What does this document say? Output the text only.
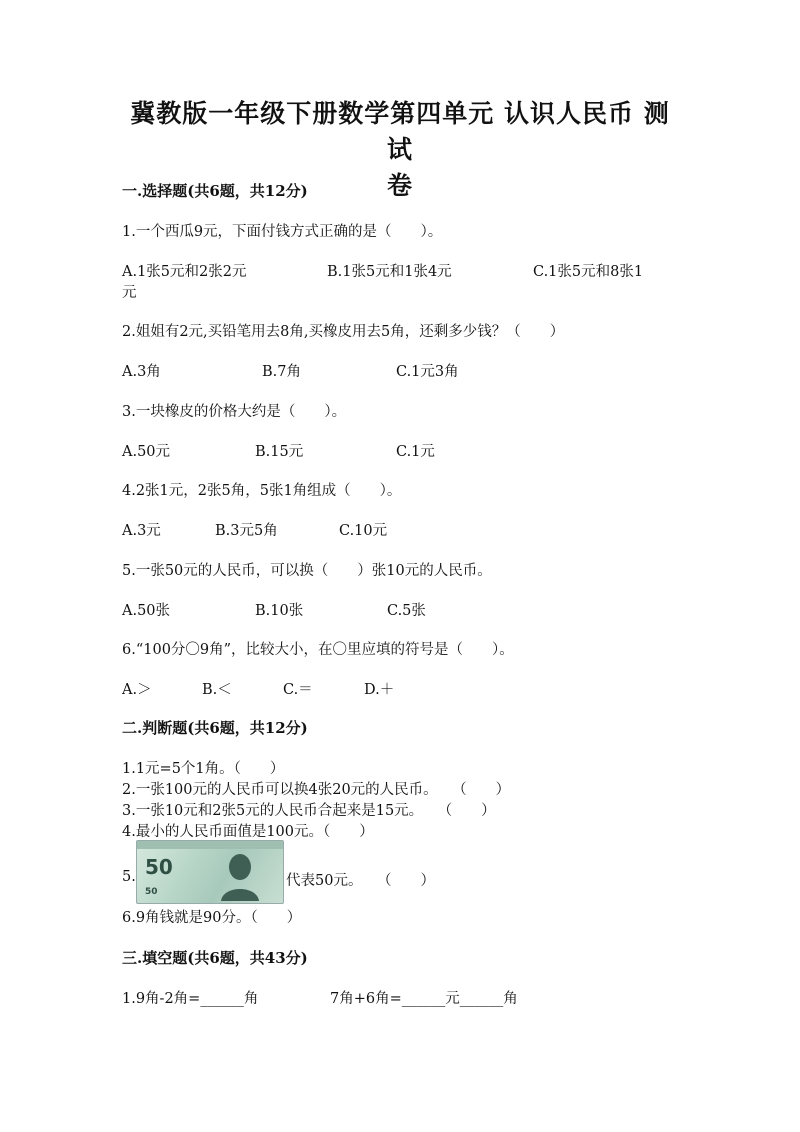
冀教版一年级下册数学第四单元 认识人民币 测试
卷
一.选择题(共6题，共12分)
1.一个西瓜9元，下面付钱方式正确的是（　　）。
A.1张5元和2张2元	B.1张5元和1张4元	C.1张5元和8张1
元
2.姐姐有2元,买铅笔用去8角,买橡皮用去5角，还剩多少钱？（　　）
A.3角	B.7角	C.1元3角
3.一块橡皮的价格大约是（　　）。
A.50元	B.15元	C.1元
4.2张1元，2张5角，5张1角组成（　　）。
A.3元	B.3元5角	C.10元
5.一张50元的人民币，可以换（　　）张10元的人民币。
A.50张	B.10张	C.5张
6.“100分〇9角”，比较大小，在〇里应填的符号是（　　）。
A.＞	B.＜	C.＝	D.＋
二.判断题(共6题，共12分)
1.1元=5个1角。（　　）
2.一张100元的人民币可以换4张20元的人民币。　　（　　）
3.一张10元和2张5元的人民币合起来是15元。　　（　　）
4.最小的人民币面值是100元。（　　）
5. 50
50
代表50元。　　（　　）
6.9角钱就是90分。（　　）
三.填空题(共6题，共43分)
1.9角-2角=______角	7角+6角=______元______角
